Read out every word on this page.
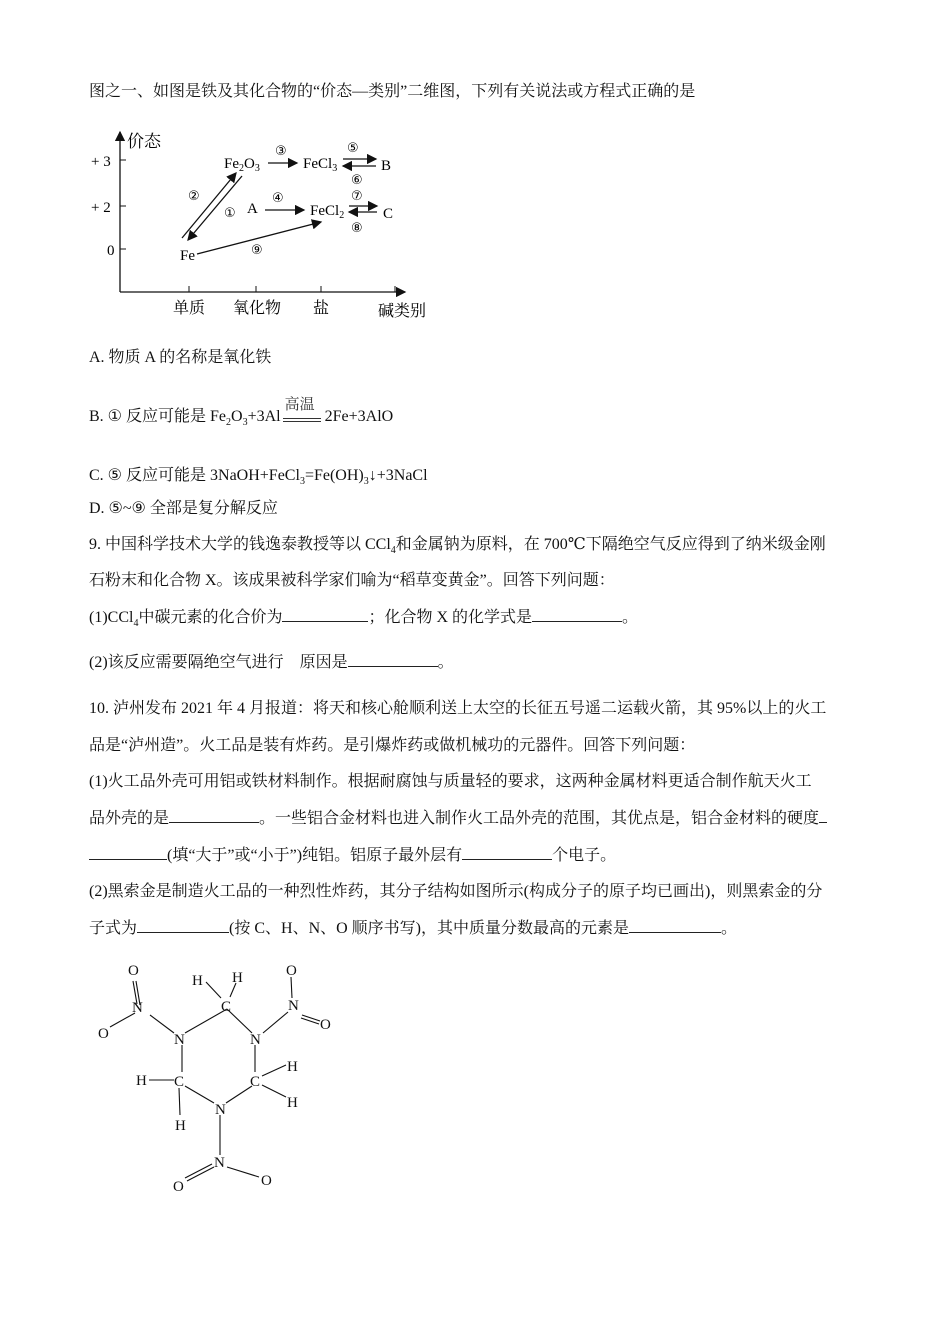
图之一、如图是铁及其化合物的“价态—类别”二维图，下列有关说法或方程式正确的是
价态
+ 3
+ 2
0
单质 氧化物 盐	碱类别
Fe
$Fe_2O_3$
A
FeCl$_3$	B
FeCl$_2$	C
①
②
③
④
⑤
⑥
⑦
⑧
⑨
A. 物质 A 的名称是氧化铁
B. ① 反应可能是 $Fe_2O_3+3Al$
高温
2Fe+3AlO
C. ⑤ 反应可能是 $3NaOH+FeCl_3=Fe(OH)_3↓+3NaCl$
D. ⑤~⑨ 全部是复分解反应
9. 中国科学技术大学的钱逸泰教授等以 CCl$_4$和金属钠为原料，在 700℃下隔绝空气反应得到了纳米级金刚
石粉末和化合物 X。该成果被科学家们喻为“稻草变黄金”。回答下列问题：
(1)CCl$_4$中碳元素的化合价为	；化合物 X 的化学式是	。
(2)该反应需要隔绝空气进行　原因是	。
10. 泸州发布 2021 年 4 月报道：将天和核心舱顺利送上太空的长征五号遥二运载火箭，其 95%以上的火工
品是“泸州造”。火工品是装有炸药。是引爆炸药或做机械功的元器件。回答下列问题：
(1)火工品外壳可用铝或铁材料制作。根据耐腐蚀与质量轻的要求，这两种金属材料更适合制作航天火工
品外壳的是	。一些铝合金材料也进入制作火工品外壳的范围，其优点是，铝合金材料的硬度
(填“大于”或“小于”)纯铝。铝原子最外层有	个电子。
(2)黑索金是制造火工品的一种烈性炸药，其分子结构如图所示(构成分子的原子均已画出)，则黑索金的分
子式为	(按 C、H、N、O 顺序书写)，其中质量分数最高的元素是	。
C
H H
N	N
N
O
O
N
O
O
H C
H
C
H
H
N
N
O	O
